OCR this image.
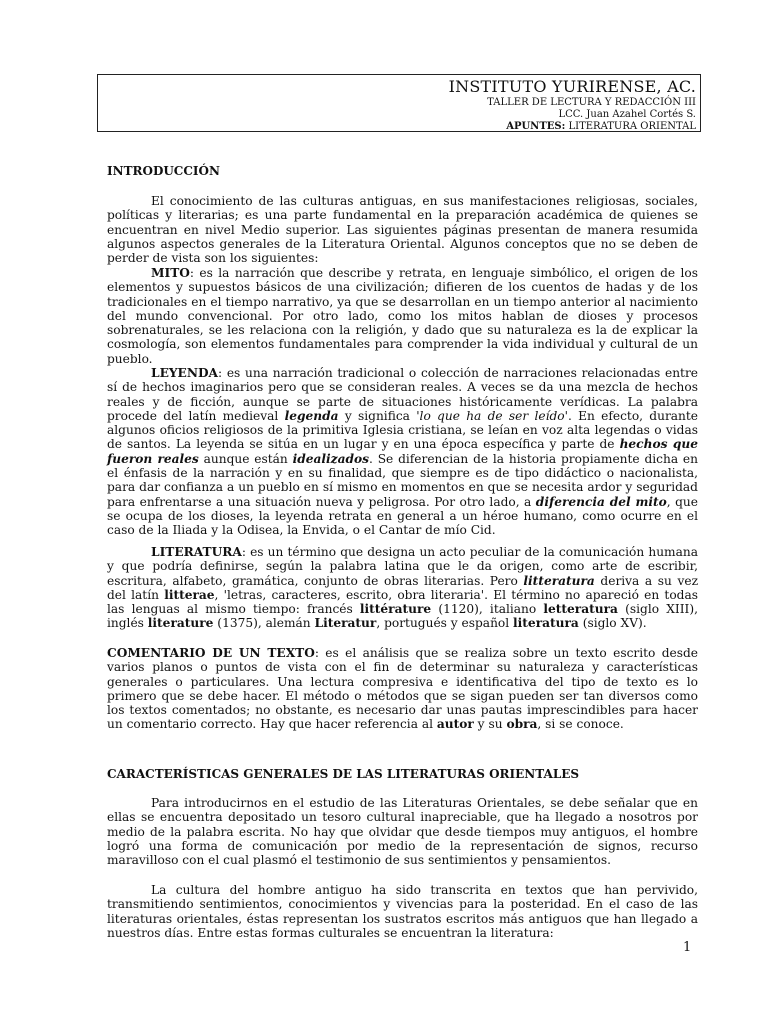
INSTITUTO YURIRENSE, AC.
TALLER DE LECTURA Y REDACCIÓN III
LCC. Juan Azahel Cortés S.
APUNTES: LITERATURA ORIENTAL
INTRODUCCIÓN

El conocimiento de las culturas antiguas, en sus manifestaciones religiosas, sociales, políticas y literarias; es una parte fundamental en la preparación académica de quienes se encuentran en nivel Medio superior. Las siguientes páginas presentan de manera resumida algunos aspectos generales de la Literatura Oriental. Algunos conceptos que no se deben de perder de vista son los siguientes:

MITO: es la narración que describe y retrata, en lenguaje simbólico, el origen de los elementos y supuestos básicos de una civilización; difieren de los cuentos de hadas y de los tradicionales en el tiempo narrativo, ya que se desarrollan en un tiempo anterior al nacimiento del mundo convencional. Por otro lado, como los mitos hablan de dioses y procesos sobrenaturales, se les relaciona con la religión, y dado que su naturaleza es la de explicar la cosmología, son elementos fundamentales para comprender la vida individual y cultural de un pueblo.

LEYENDA: es una narración tradicional o colección de narraciones relacionadas entre sí de hechos imaginarios pero que se consideran reales. A veces se da una mezcla de hechos reales y de ficción, aunque se parte de situaciones históricamente verídicas. La palabra procede del latín medieval legenda y significa 'lo que ha de ser leído'. En efecto, durante algunos oficios religiosos de la primitiva Iglesia cristiana, se leían en voz alta legendas o vidas de santos. La leyenda se sitúa en un lugar y en una época específica y parte de hechos que fueron reales aunque están idealizados. Se diferencian de la historia propiamente dicha en el énfasis de la narración y en su finalidad, que siempre es de tipo didáctico o nacionalista, para dar confianza a un pueblo en sí mismo en momentos en que se necesita ardor y seguridad para enfrentarse a una situación nueva y peligrosa. Por otro lado, a diferencia del mito, que se ocupa de los dioses, la leyenda retrata en general a un héroe humano, como ocurre en el caso de la Iliada y la Odisea, la Envida, o el Cantar de mío Cid.

LITERATURA: es un término que designa un acto peculiar de la comunicación humana y que podría definirse, según la palabra latina que le da origen, como arte de escribir, escritura, alfabeto, gramática, conjunto de obras literarias. Pero litteratura deriva a su vez del latín litterae, 'letras, caracteres, escrito, obra literaria'. El término no apareció en todas las lenguas al mismo tiempo: francés littérature (1120), italiano letteratura (siglo XIII), inglés literature (1375), alemán Literatur, portugués y español literatura (siglo XV).

COMENTARIO DE UN TEXTO: es el análisis que se realiza sobre un texto escrito desde varios planos o puntos de vista con el fin de determinar su naturaleza y características generales o particulares. Una lectura compresiva e identificativa del tipo de texto es lo primero que se debe hacer. El método o métodos que se sigan pueden ser tan diversos como los textos comentados; no obstante, es necesario dar unas pautas imprescindibles para hacer un comentario correcto. Hay que hacer referencia al autor y su obra, si se conoce.

CARACTERÍSTICAS GENERALES DE LAS LITERATURAS ORIENTALES

Para introducirnos en el estudio de las Literaturas Orientales, se debe señalar que en ellas se encuentra depositado un tesoro cultural inapreciable, que ha llegado a nosotros por medio de la palabra escrita. No hay que olvidar que desde tiempos muy antiguos, el hombre logró una forma de comunicación por medio de la representación de signos, recurso maravilloso con el cual plasmó el testimonio de sus sentimientos y pensamientos.

La cultura del hombre antiguo ha sido transcrita en textos que han pervivido, transmitiendo sentimientos, conocimientos y vivencias para la posteridad. En el caso de las literaturas orientales, éstas representan los sustratos escritos más antiguos que han llegado a nuestros días. Entre estas formas culturales se encuentran la literatura:

1
